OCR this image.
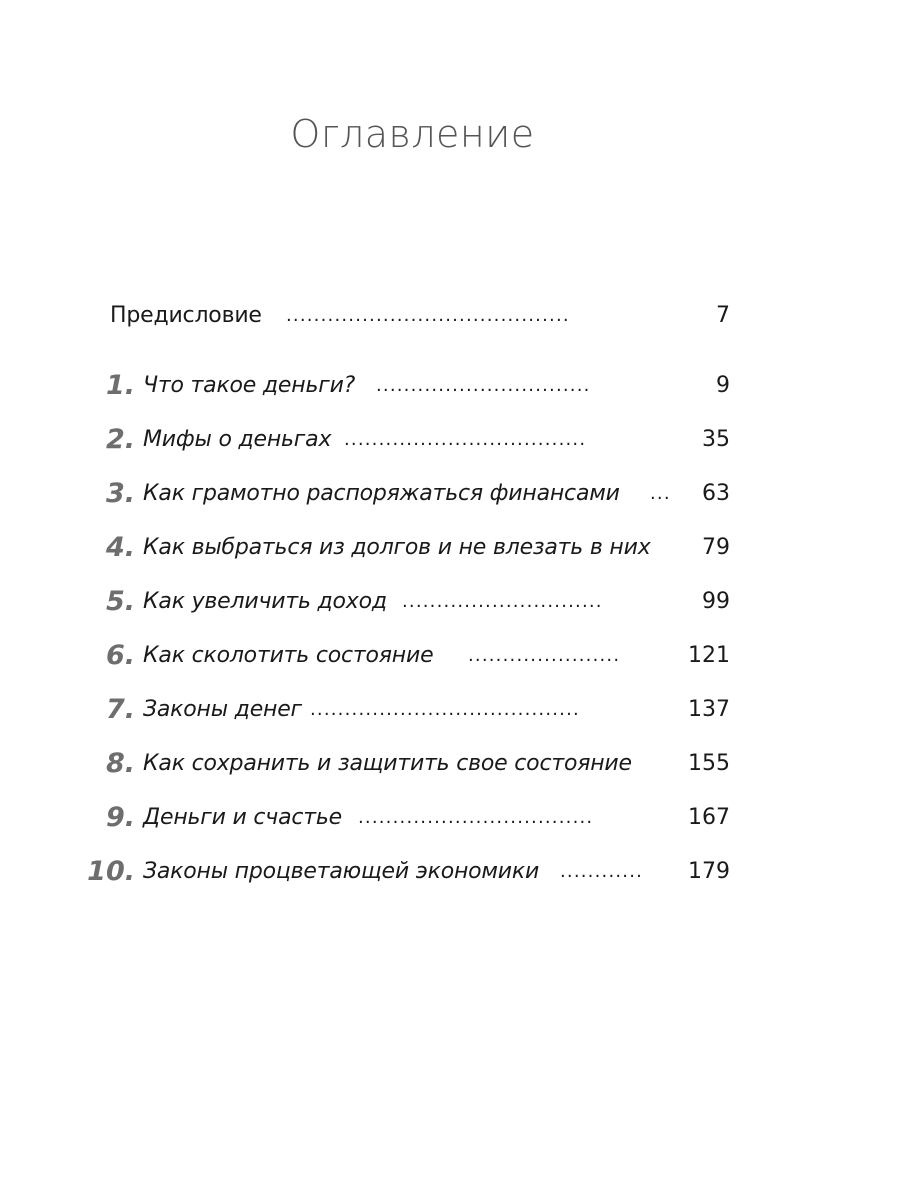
Оглавление
Предисловие .........................................	7
1. Что такое деньги? ...............................	9
2. Мифы о деньгах ...................................	35
3. Как грамотно распоряжаться финансами ... 63
4. Как выбраться из долгов и не влезать в них 79
5. Как увеличить доход .............................	99
6. Как сколотить состояние ......................	121
7. Законы денег .......................................	137
8. Как сохранить и защитить свое состояние	155
9. Деньги и счастье ..................................	167
10. Законы процветающей экономики ............	179
